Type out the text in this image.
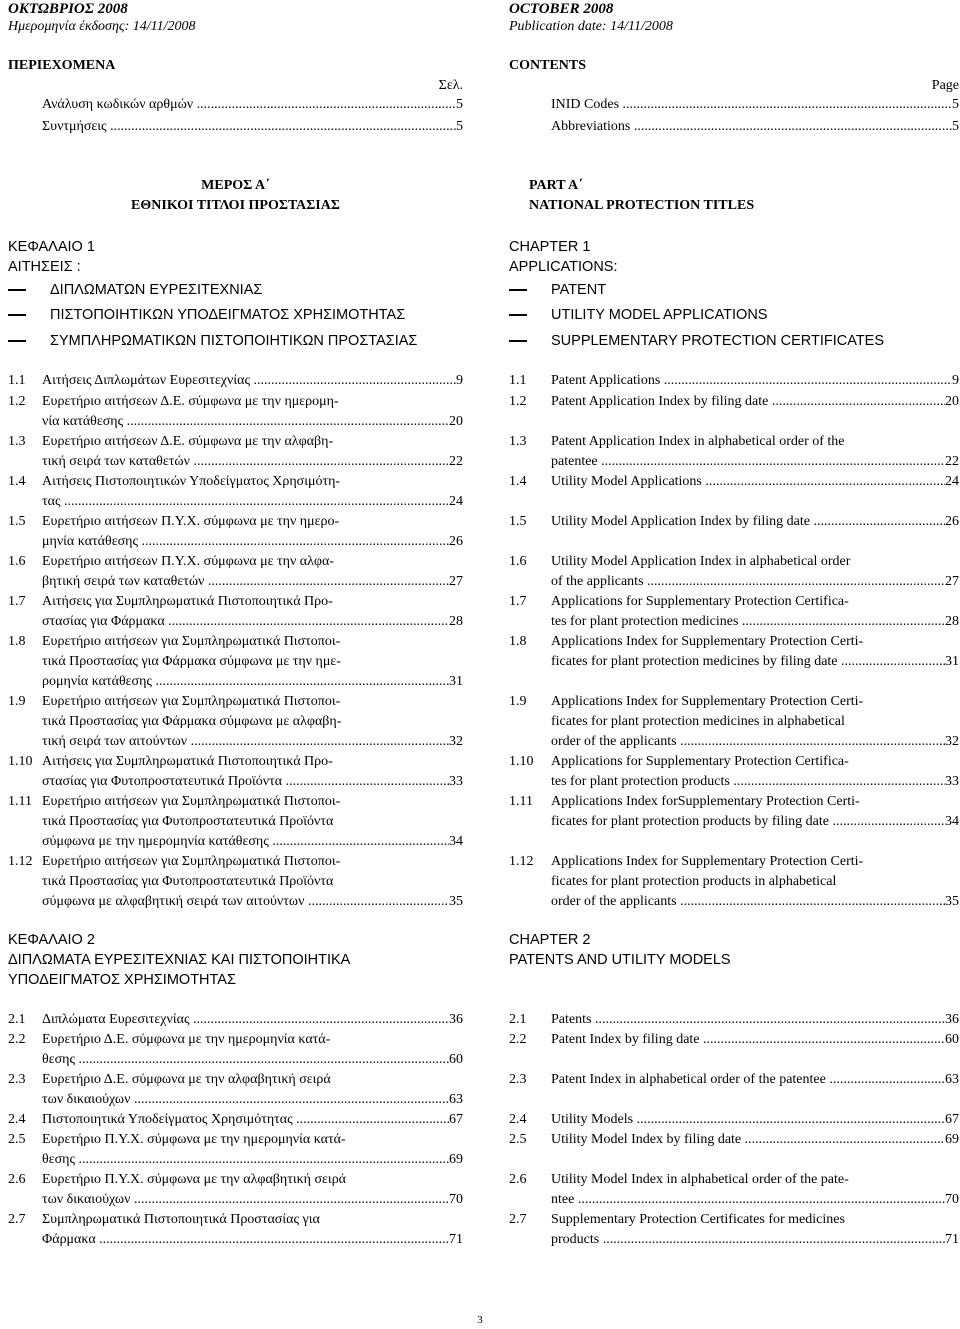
ΟΚΤΩΒΡΙΟΣ 2008
Ημερομηνία έκδοσης: 14/11/2008
ΠΕΡΙΕΧΟΜΕΝΑ
Σελ.
Ανάλυση κωδικών αρθμών .....	5
Συντμήσεις .....	5
ΜΕΡΟΣ Α΄
ΕΘΝΙΚΟΙ ΤΙΤΛΟΙ ΠΡΟΣΤΑΣΙΑΣ
ΚΕΦΑΛΑΙΟ 1
ΑΙΤΗΣΕΙΣ :
ΔΙΠΛΩΜΑΤΩΝ ΕΥΡΕΣΙΤΕΧΝΙΑΣ
ΠΙΣΤΟΠΟΙΗΤΙΚΩΝ ΥΠΟΔΕΙΓΜΑΤΟΣ ΧΡΗΣΙΜΟΤΗΤΑΣ
ΣΥΜΠΛΗΡΩΜΑΤΙΚΩΝ ΠΙΣΤΟΠΟΙΗΤΙΚΩΝ ΠΡΟΣΤΑΣΙΑΣ
1.1	Αιτήσεις Διπλωμάτων Ευρεσιτεχνίας .....	9
1.2	Ευρετήριο αιτήσεων Δ.Ε. σύμφωνα με την ημερομη-
νία κατάθεσης .....	20
1.3	Ευρετήριο αιτήσεων Δ.Ε. σύμφωνα με την αλφαβη-
τική σειρά των καταθετών .....	22
1.4	Αιτήσεις Πιστοποιητικών Υποδείγματος Χρησιμότη-
τας .....	24
1.5	Ευρετήριο αιτήσεων Π.Υ.Χ. σύμφωνα με την ημερο-
μηνία κατάθεσης .....	26
1.6	Ευρετήριο αιτήσεων Π.Υ.Χ. σύμφωνα με την αλφα-
βητική σειρά των καταθετών .....	27
1.7	Αιτήσεις για Συμπληρωματικά Πιστοποιητικά Προ-
στασίας για Φάρμακα .....	28
1.8	Ευρετήριο αιτήσεων για Συμπληρωματικά Πιστοποι-
τικά Προστασίας για Φάρμακα σύμφωνα με την ημε-
ρομηνία κατάθεσης .....	31
1.9	Ευρετήριο αιτήσεων για Συμπληρωματικά Πιστοποι-
τικά Προστασίας για Φάρμακα σύμφωνα με αλφαβη-
τική σειρά των αιτούντων .....	32
1.10 Αιτήσεις για Συμπληρωματικά Πιστοποιητικά Προ-
στασίας για Φυτοπροστατευτικά Προϊόντα .....	33
1.11 Ευρετήριο αιτήσεων για Συμπληρωματικά Πιστοποι-
τικά Προστασίας για Φυτοπροστατευτικά Προϊόντα
σύμφωνα με την ημερομηνία κατάθεσης .....	34
1.12 Ευρετήριο αιτήσεων για Συμπληρωματικά Πιστοποι-
τικά Προστασίας για Φυτοπροστατευτικά Προϊόντα
σύμφωνα με αλφαβητική σειρά των αιτούντων .....	35
ΚΕΦΑΛΑΙΟ 2
ΔΙΠΛΩΜΑΤΑ ΕΥΡΕΣΙΤΕΧΝΙΑΣ ΚΑΙ ΠΙΣΤΟΠΟΙΗΤΙΚΑ
ΥΠΟΔΕΙΓΜΑΤΟΣ ΧΡΗΣΙΜΟΤΗΤΑΣ
2.1	Διπλώματα Ευρεσιτεχνίας .....	36
2.2	Ευρετήριο Δ.Ε. σύμφωνα με την ημερομηνία κατά-
θεσης .....	60
2.3	Ευρετήριο Δ.Ε. σύμφωνα με την αλφαβητική σειρά
των δικαιούχων .....	63
2.4	Πιστοποιητικά Υποδείγματος Χρησιμότητας .....	67
2.5	Ευρετήριο Π.Υ.Χ. σύμφωνα με την ημερομηνία κατά-
θεσης .....	69
2.6	Ευρετήριο Π.Υ.Χ. σύμφωνα με την αλφαβητική σειρά
των δικαιούχων .....	70
2.7	Συμπληρωματικά Πιστοποιητικά Προστασίας για
Φάρμακα .....	71
OCTOBER 2008
Publication date: 14/11/2008
CONTENTS
Page
INID Codes .....	5
Abbreviations .....	5
PART A΄
NATIONAL PROTECTION TITLES
CHAPTER 1
APPLICATIONS:
PATENT
UTILITY MODEL APPLICATIONS
SUPPLEMENTARY PROTECTION CERTIFICATES
1.1	Patent Applications .....	9
1.2	Patent Application Index by filing date .....	20
1.3	Patent Application Index in alphabetical order of the
patentee .....	22
1.4	Utility Model Applications .....	24
1.5	Utility Model Application Index by filing date .....	26
1.6	Utility Model Application Index in alphabetical order
of the applicants .....	27
1.7	Applications for Supplementary Protection Certifica-
tes for plant protection medicines .....	28
1.8	Applications Index for Supplementary Protection Certi-
ficates for plant protection medicines by filing date .....	31
1.9	Applications Index for Supplementary Protection Certi-
ficates for plant protection medicines in alphabetical
order of the applicants .....	32
1.10	Applications for Supplementary Protection Certifica-
tes for plant protection products .....	33
1.11	Applications Index forSupplementary Protection Certi-
ficates for plant protection products by filing date .....	34
1.12	Applications Index for Supplementary Protection Certi-
ficates for plant protection products in alphabetical
order of the applicants .....	35
CHAPTER 2
PATENTS AND UTILITY MODELS
2.1	Patents .....	36
2.2	Patent Index by filing date .....	60
2.3	Patent Index in alphabetical order of the patentee .....	63
2.4	Utility Models .....	67
2.5	Utility Model Index by filing date .....	69
2.6	Utility Model Index in alphabetical order of the pate-
ntee .....	70
2.7	Supplementary Protection Certificates for medicines
products .....	71
3
